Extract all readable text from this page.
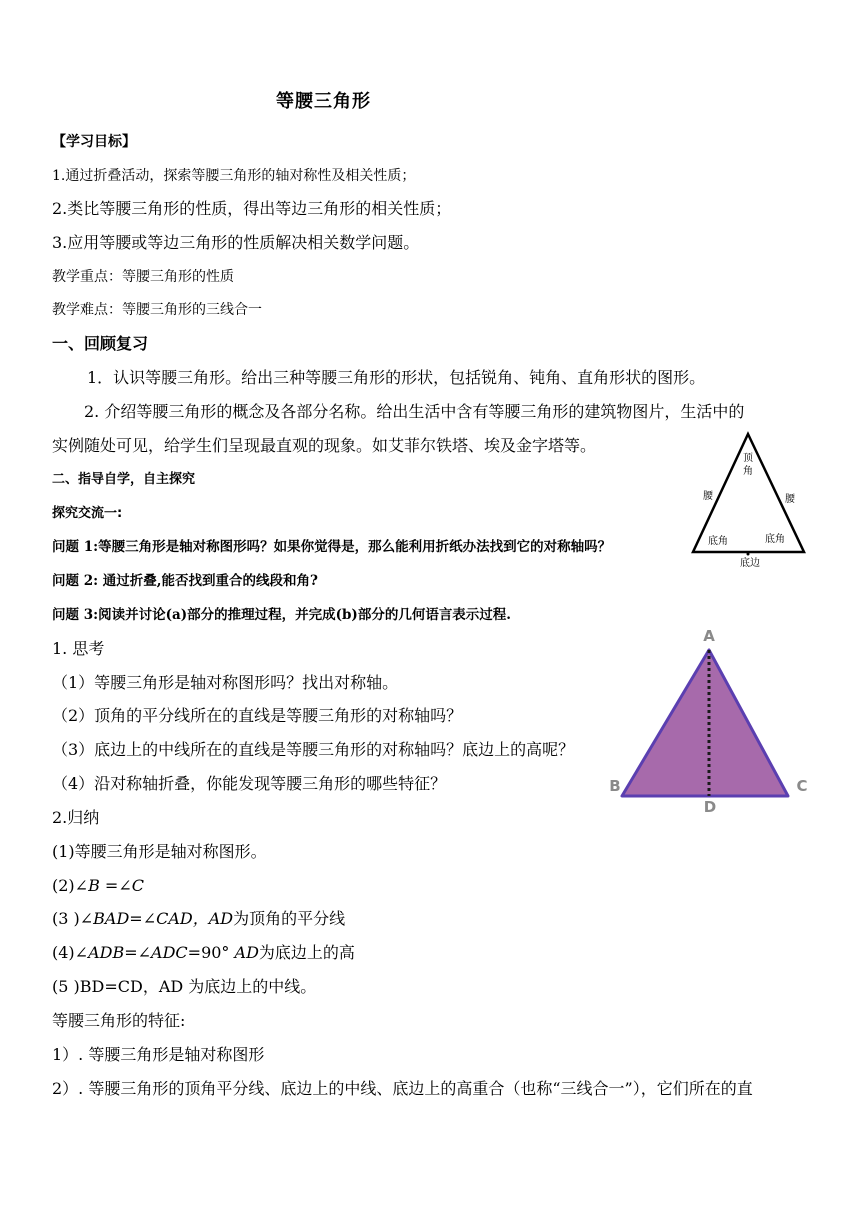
等腰三角形
【学习目标】
1.通过折叠活动，探索等腰三角形的轴对称性及相关性质；
2.类比等腰三角形的性质，得出等边三角形的相关性质；
3.应用等腰或等边三角形的性质解决相关数学问题。
教学重点：等腰三角形的性质
教学难点：等腰三角形的三线合一
一、回顾复习
1．认识等腰三角形。给出三种等腰三角形的形状，包括锐角、钝角、直角形状的图形。
2. 介绍等腰三角形的概念及各部分名称。给出生活中含有等腰三角形的建筑物图片，生活中的
实例随处可见，给学生们呈现最直观的现象。如艾菲尔铁塔、埃及金字塔等。
二、指导自学，自主探究
探究交流一:
问题 1:等腰三角形是轴对称图形吗？如果你觉得是，那么能利用折纸办法找到它的对称轴吗？
问题 2: 通过折叠,能否找到重合的线段和角?
问题 3:阅读并讨论(a)部分的推理过程，并完成(b)部分的几何语言表示过程.
1. 思考
（1）等腰三角形是轴对称图形吗？找出对称轴。
（2）顶角的平分线所在的直线是等腰三角形的对称轴吗？
（3）底边上的中线所在的直线是等腰三角形的对称轴吗？底边上的高呢？
（4）沿对称轴折叠，你能发现等腰三角形的哪些特征？
2.归纳
(1)等腰三角形是轴对称图形。
(2)∠B =∠C
(3 )∠BAD=∠CAD，AD为顶角的平分线
(4)∠ADB=∠ADC=90° AD为底边上的高
(5 )BD=CD，AD 为底边上的中线。
等腰三角形的特征:
1）. 等腰三角形是轴对称图形
2）. 等腰三角形的顶角平分线、底边上的中线、底边上的高重合（也称“三线合一”），它们所在的直
顶
角
腰	腰
底角	底角
底边
A
B	C
D
